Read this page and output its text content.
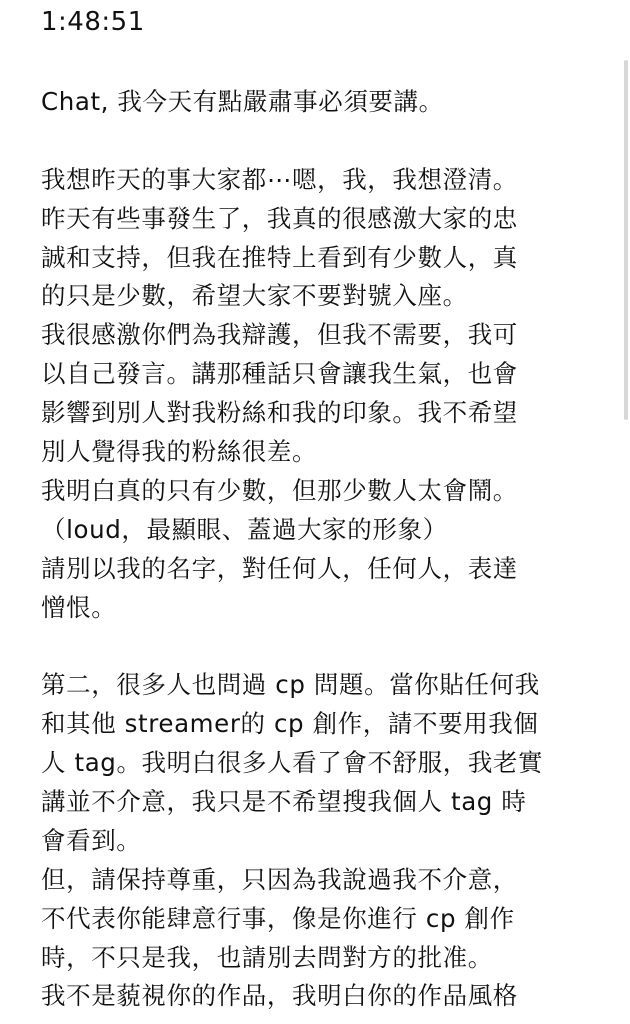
1:48:51
Chat, 我今天有點嚴肅事必須要講。
我想昨天的事大家都⋯嗯，我，我想澄清。
昨天有些事發生了，我真的很感激大家的忠
誠和支持，但我在推特上看到有少數人，真
的只是少數，希望大家不要對號入座。
我很感激你們為我辯護，但我不需要，我可
以自己發言。講那種話只會讓我生氣，也會
影響到別人對我粉絲和我的印象。我不希望
別人覺得我的粉絲很差。
我明白真的只有少數，但那少數人太會鬧。
（loud，最顯眼、蓋過大家的形象）
請別以我的名字，對任何人，任何人，表達
憎恨。
第二，很多人也問過 cp 問題。當你貼任何我
和其他 streamer的 cp 創作，請不要用我個
人 tag。我明白很多人看了會不舒服，我老實
講並不介意，我只是不希望搜我個人 tag 時
會看到。
但，請保持尊重，只因為我說過我不介意，
不代表你能肆意行事，像是你進行 cp 創作
時，不只是我，也請別去問對方的批准。
我不是藐視你的作品，我明白你的作品風格
